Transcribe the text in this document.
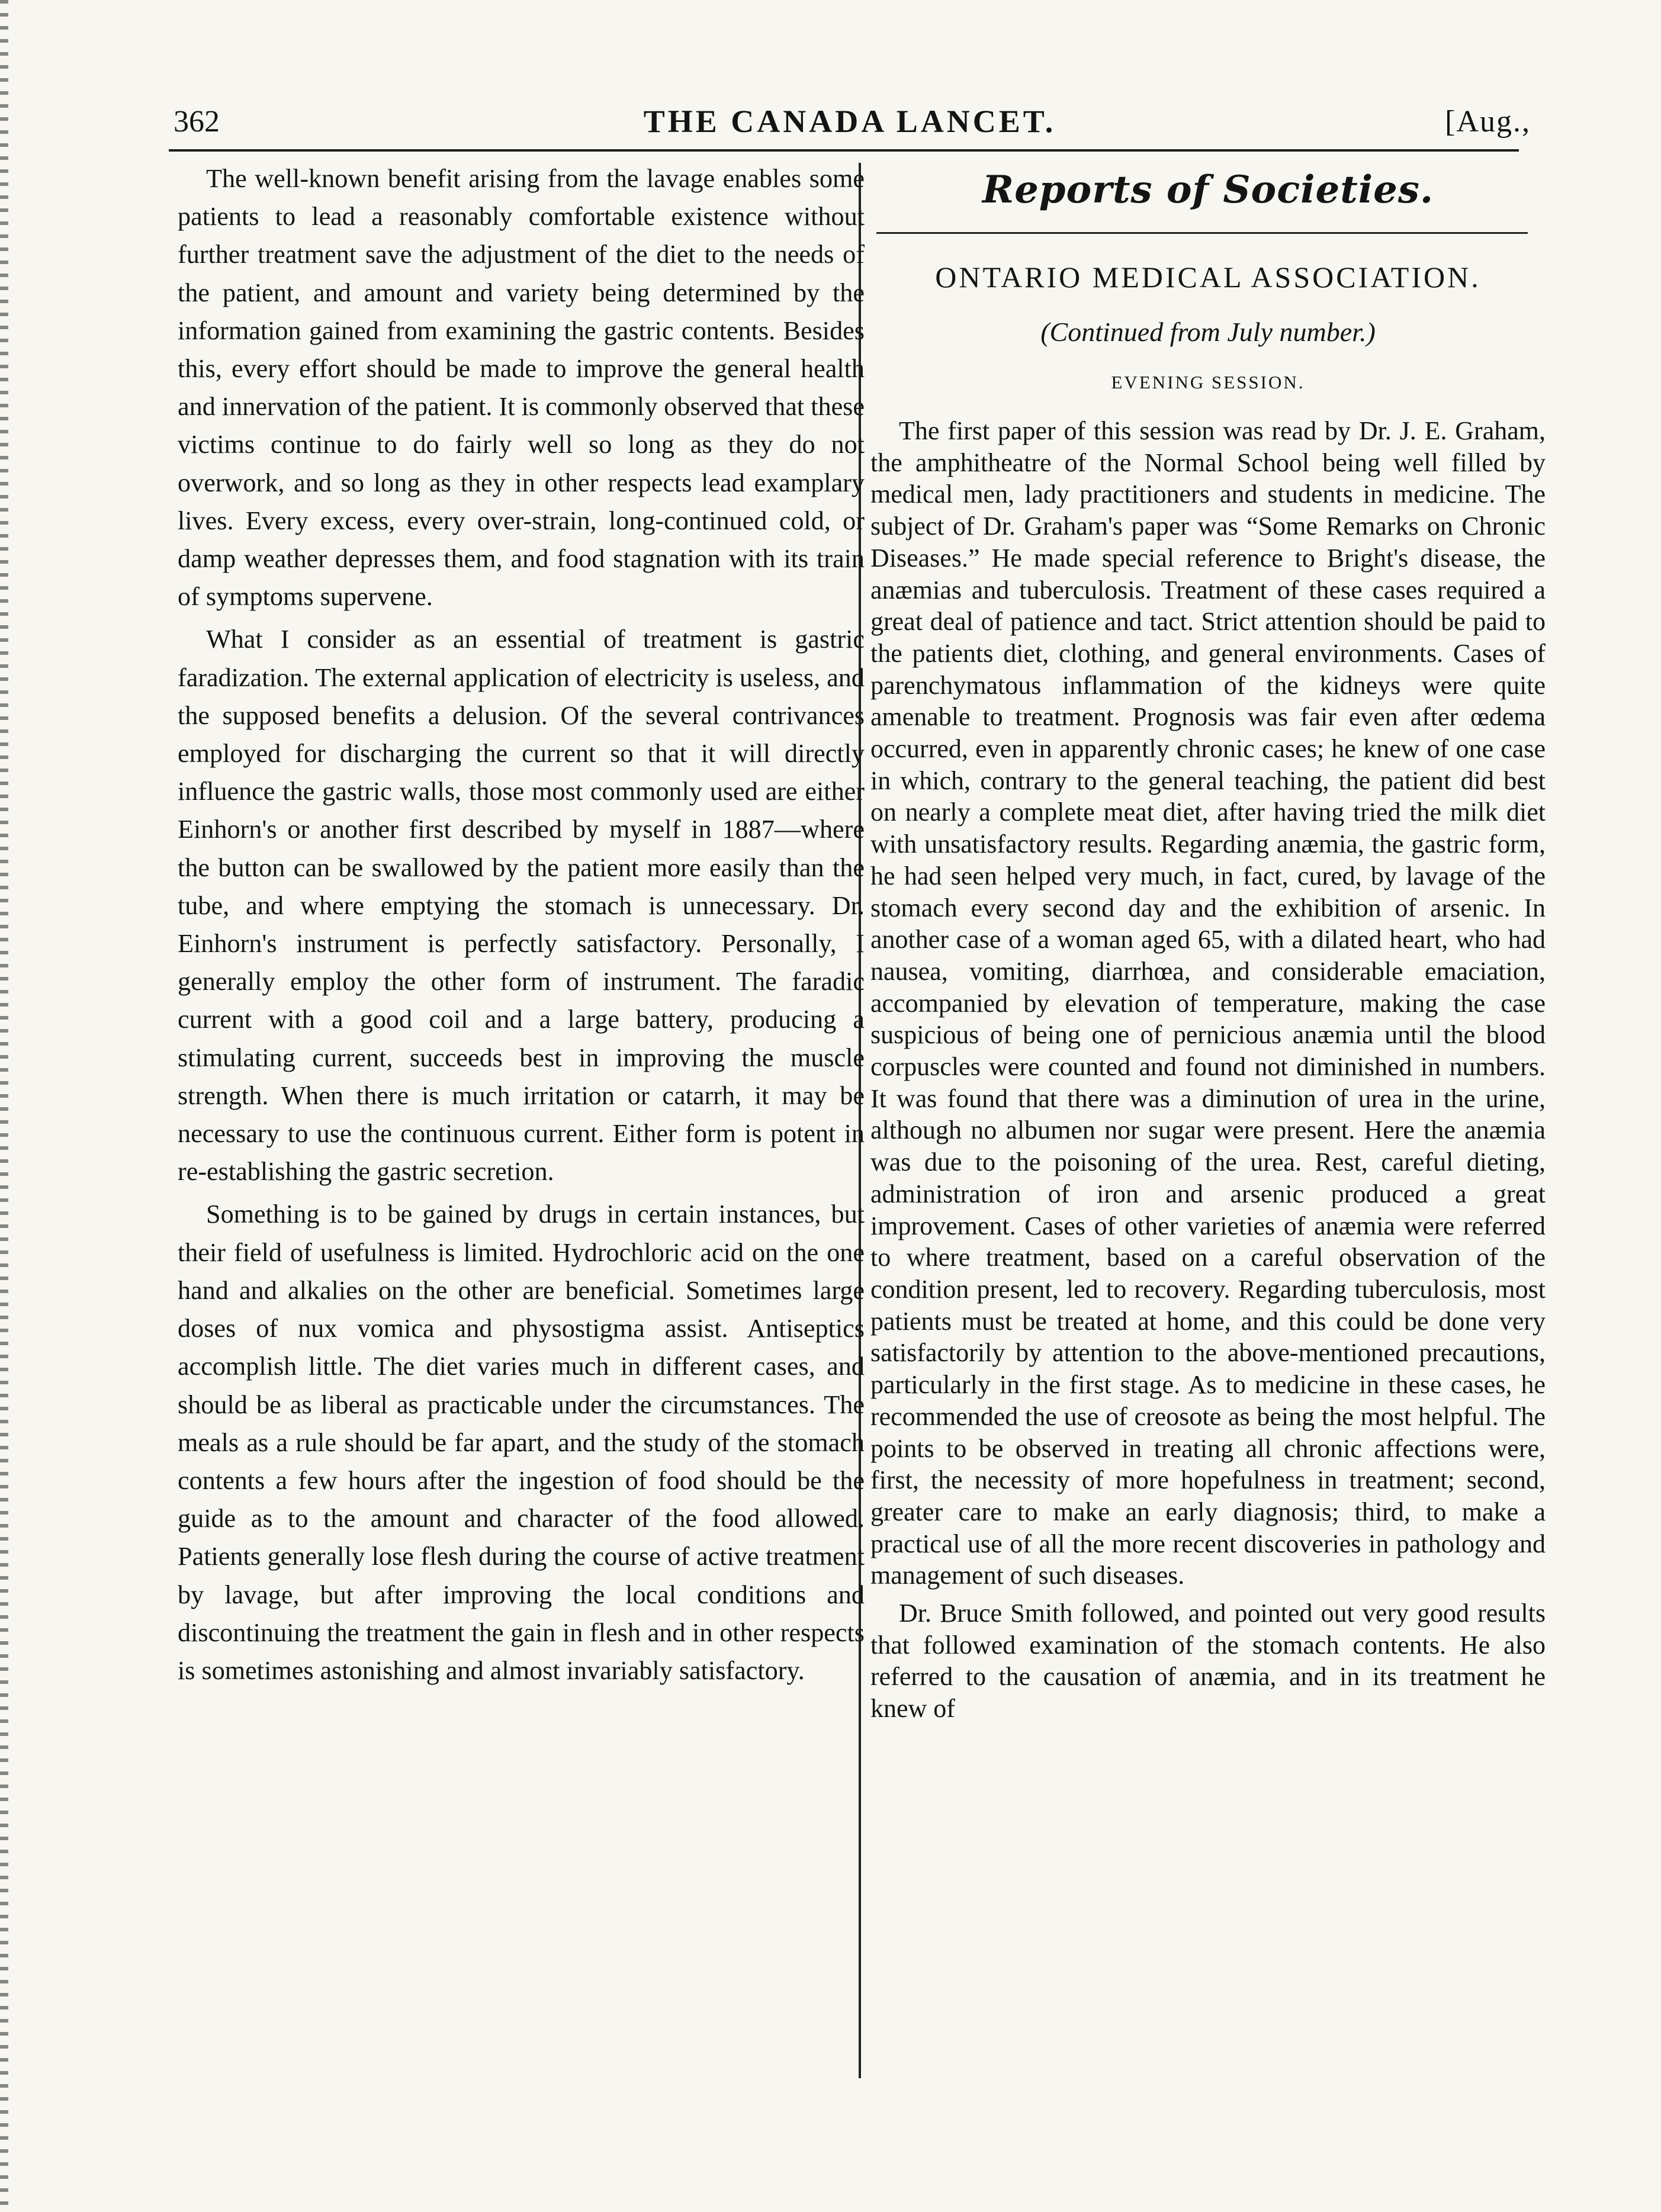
362	THE CANADA LANCET.	[Aug.,

The well-known benefit arising from the lavage enables some patients to lead a reasonably comfortable existence without further treatment save the adjustment of the diet to the needs of the patient, and amount and variety being determined by the information gained from examining the gastric contents. Besides this, every effort should be made to improve the general health and innervation of the patient. It is commonly observed that these victims continue to do fairly well so long as they do not overwork, and so long as they in other respects lead examplary lives. Every excess, every over-strain, long-continued cold, or damp weather depresses them, and food stagnation with its train of symptoms supervene.

What I consider as an essential of treatment is gastric faradization. The external application of electricity is useless, and the supposed benefits a delusion. Of the several contrivances employed for discharging the current so that it will directly influence the gastric walls, those most commonly used are either Einhorn's or another first described by myself in 1887—where the button can be swallowed by the patient more easily than the tube, and where emptying the stomach is unnecessary. Dr. Einhorn's instrument is perfectly satisfactory. Personally, I generally employ the other form of instrument. The faradic current with a good coil and a large battery, producing a stimulating current, succeeds best in improving the muscle strength. When there is much irritation or catarrh, it may be necessary to use the continuous current. Either form is potent in re-establishing the gastric secretion.

Something is to be gained by drugs in certain instances, but their field of usefulness is limited. Hydrochloric acid on the one hand and alkalies on the other are beneficial. Sometimes large doses of nux vomica and physostigma assist. Antiseptics accomplish little. The diet varies much in different cases, and should be as liberal as practicable under the circumstances. The meals as a rule should be far apart, and the study of the stomach contents a few hours after the ingestion of food should be the guide as to the amount and character of the food allowed. Patients generally lose flesh during the course of active treatment by lavage, but after improving the local conditions and discontinuing the treatment the gain in flesh and in other respects is sometimes astonishing and almost invariably satisfactory.

Reports of Societies.
ONTARIO MEDICAL ASSOCIATION.
(Continued from July number.)
EVENING SESSION.

The first paper of this session was read by Dr. J. E. Graham, the amphitheatre of the Normal School being well filled by medical men, lady practitioners and students in medicine. The subject of Dr. Graham's paper was “Some Remarks on Chronic Diseases.” He made special reference to Bright's disease, the anæmias and tuberculosis. Treatment of these cases required a great deal of patience and tact. Strict attention should be paid to the patients diet, clothing, and general environments. Cases of parenchymatous inflammation of the kidneys were quite amenable to treatment. Prognosis was fair even after œdema occurred, even in apparently chronic cases; he knew of one case in which, contrary to the general teaching, the patient did best on nearly a complete meat diet, after having tried the milk diet with unsatisfactory results. Regarding anæmia, the gastric form, he had seen helped very much, in fact, cured, by lavage of the stomach every second day and the exhibition of arsenic. In another case of a woman aged 65, with a dilated heart, who had nausea, vomiting, diarrhœa, and considerable emaciation, accompanied by elevation of temperature, making the case suspicious of being one of pernicious anæmia until the blood corpuscles were counted and found not diminished in numbers. It was found that there was a diminution of urea in the urine, although no albumen nor sugar were present. Here the anæmia was due to the poisoning of the urea. Rest, careful dieting, administration of iron and arsenic produced a great improvement. Cases of other varieties of anæmia were referred to where treatment, based on a careful observation of the condition present, led to recovery. Regarding tuberculosis, most patients must be treated at home, and this could be done very satisfactorily by attention to the above-mentioned precautions, particularly in the first stage. As to medicine in these cases, he recommended the use of creosote as being the most helpful. The points to be observed in treating all chronic affections were, first, the necessity of more hopefulness in treatment; second, greater care to make an early diagnosis; third, to make a practical use of all the more recent discoveries in pathology and management of such diseases.

Dr. Bruce Smith followed, and pointed out very good results that followed examination of the stomach contents. He also referred to the causation of anæmia, and in its treatment he knew of
